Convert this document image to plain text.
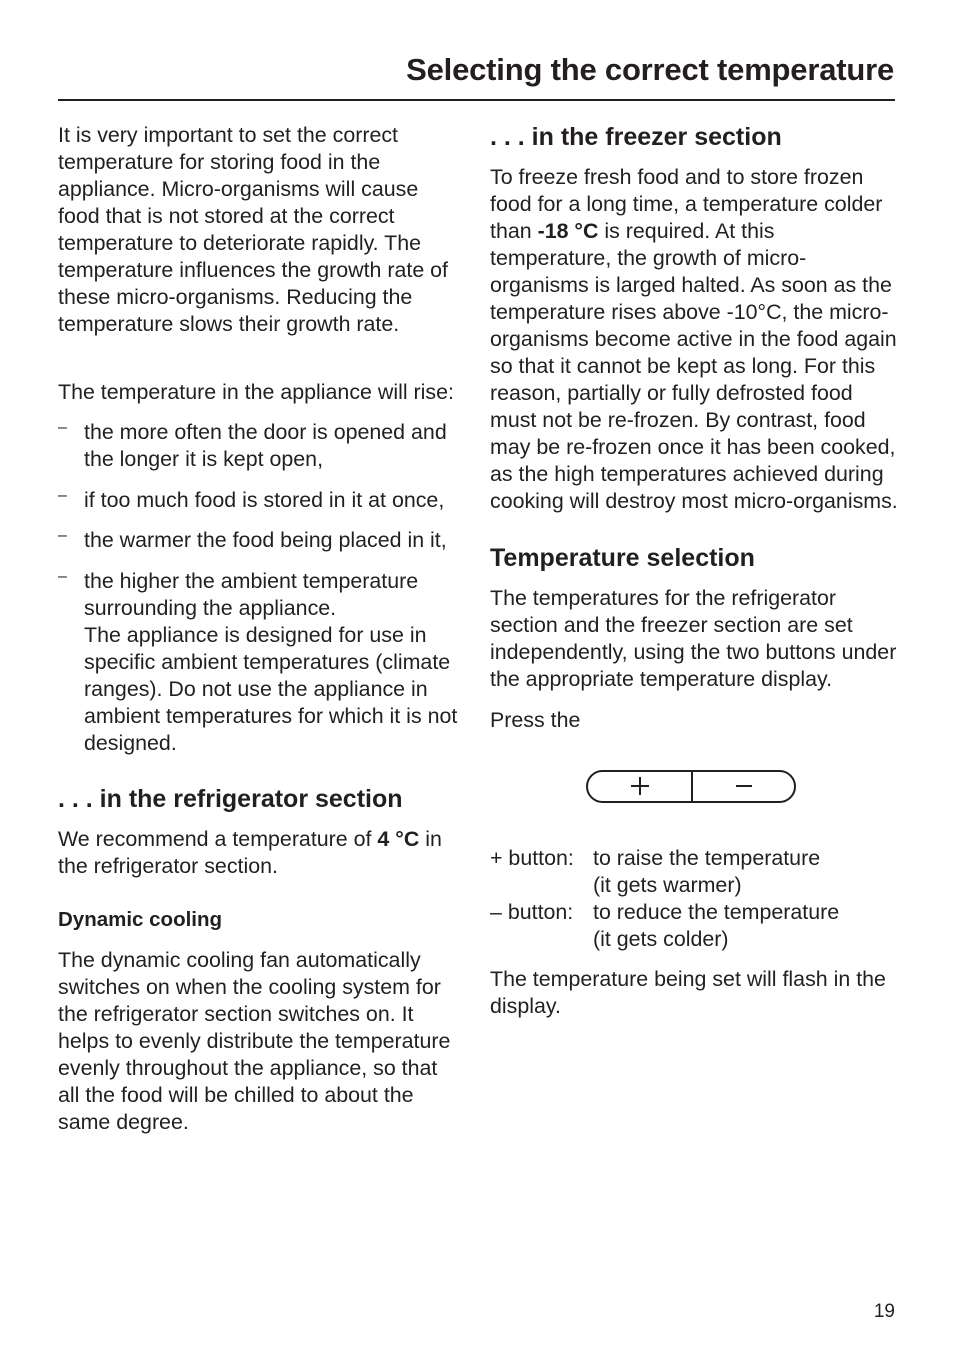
Selecting the correct temperature

It is very important to set the correct temperature for storing food in the appliance. Micro-organisms will cause food that is not stored at the correct temperature to deteriorate rapidly. The temperature influences the growth rate of these micro-organisms. Reducing the temperature slows their growth rate.

The temperature in the appliance will rise:

– the more often the door is opened and the longer it is kept open,

– if too much food is stored in it at once,

– the warmer the food being placed in it,

– the higher the ambient temperature surrounding the appliance.

The appliance is designed for use in specific ambient temperatures (climate ranges). Do not use the appliance in ambient temperatures for which it is not designed.

. . . in the refrigerator section

We recommend a temperature of 4 °C in the refrigerator section.

Dynamic cooling

The dynamic cooling fan automatically switches on when the cooling system for the refrigerator section switches on. It helps to evenly distribute the temperature evenly throughout the appliance, so that all the food will be chilled to about the same degree.

. . . in the freezer section

To freeze fresh food and to store frozen food for a long time, a temperature colder than -18 °C is required. At this temperature, the growth of micro-organisms is larged halted. As soon as the temperature rises above -10°C, the micro-organisms become active in the food again so that it cannot be kept as long. For this reason, partially or fully defrosted food must not be re-frozen. By contrast, food may be re-frozen once it has been cooked, as the high temperatures achieved during cooking will destroy most micro-organisms.

Temperature selection

The temperatures for the refrigerator section and the freezer section are set independently, using the two buttons under the appropriate temperature display.

Press the

+ button: to raise the temperature
(it gets warmer)
– button: to reduce the temperature
(it gets colder)

The temperature being set will flash in the display.

19
